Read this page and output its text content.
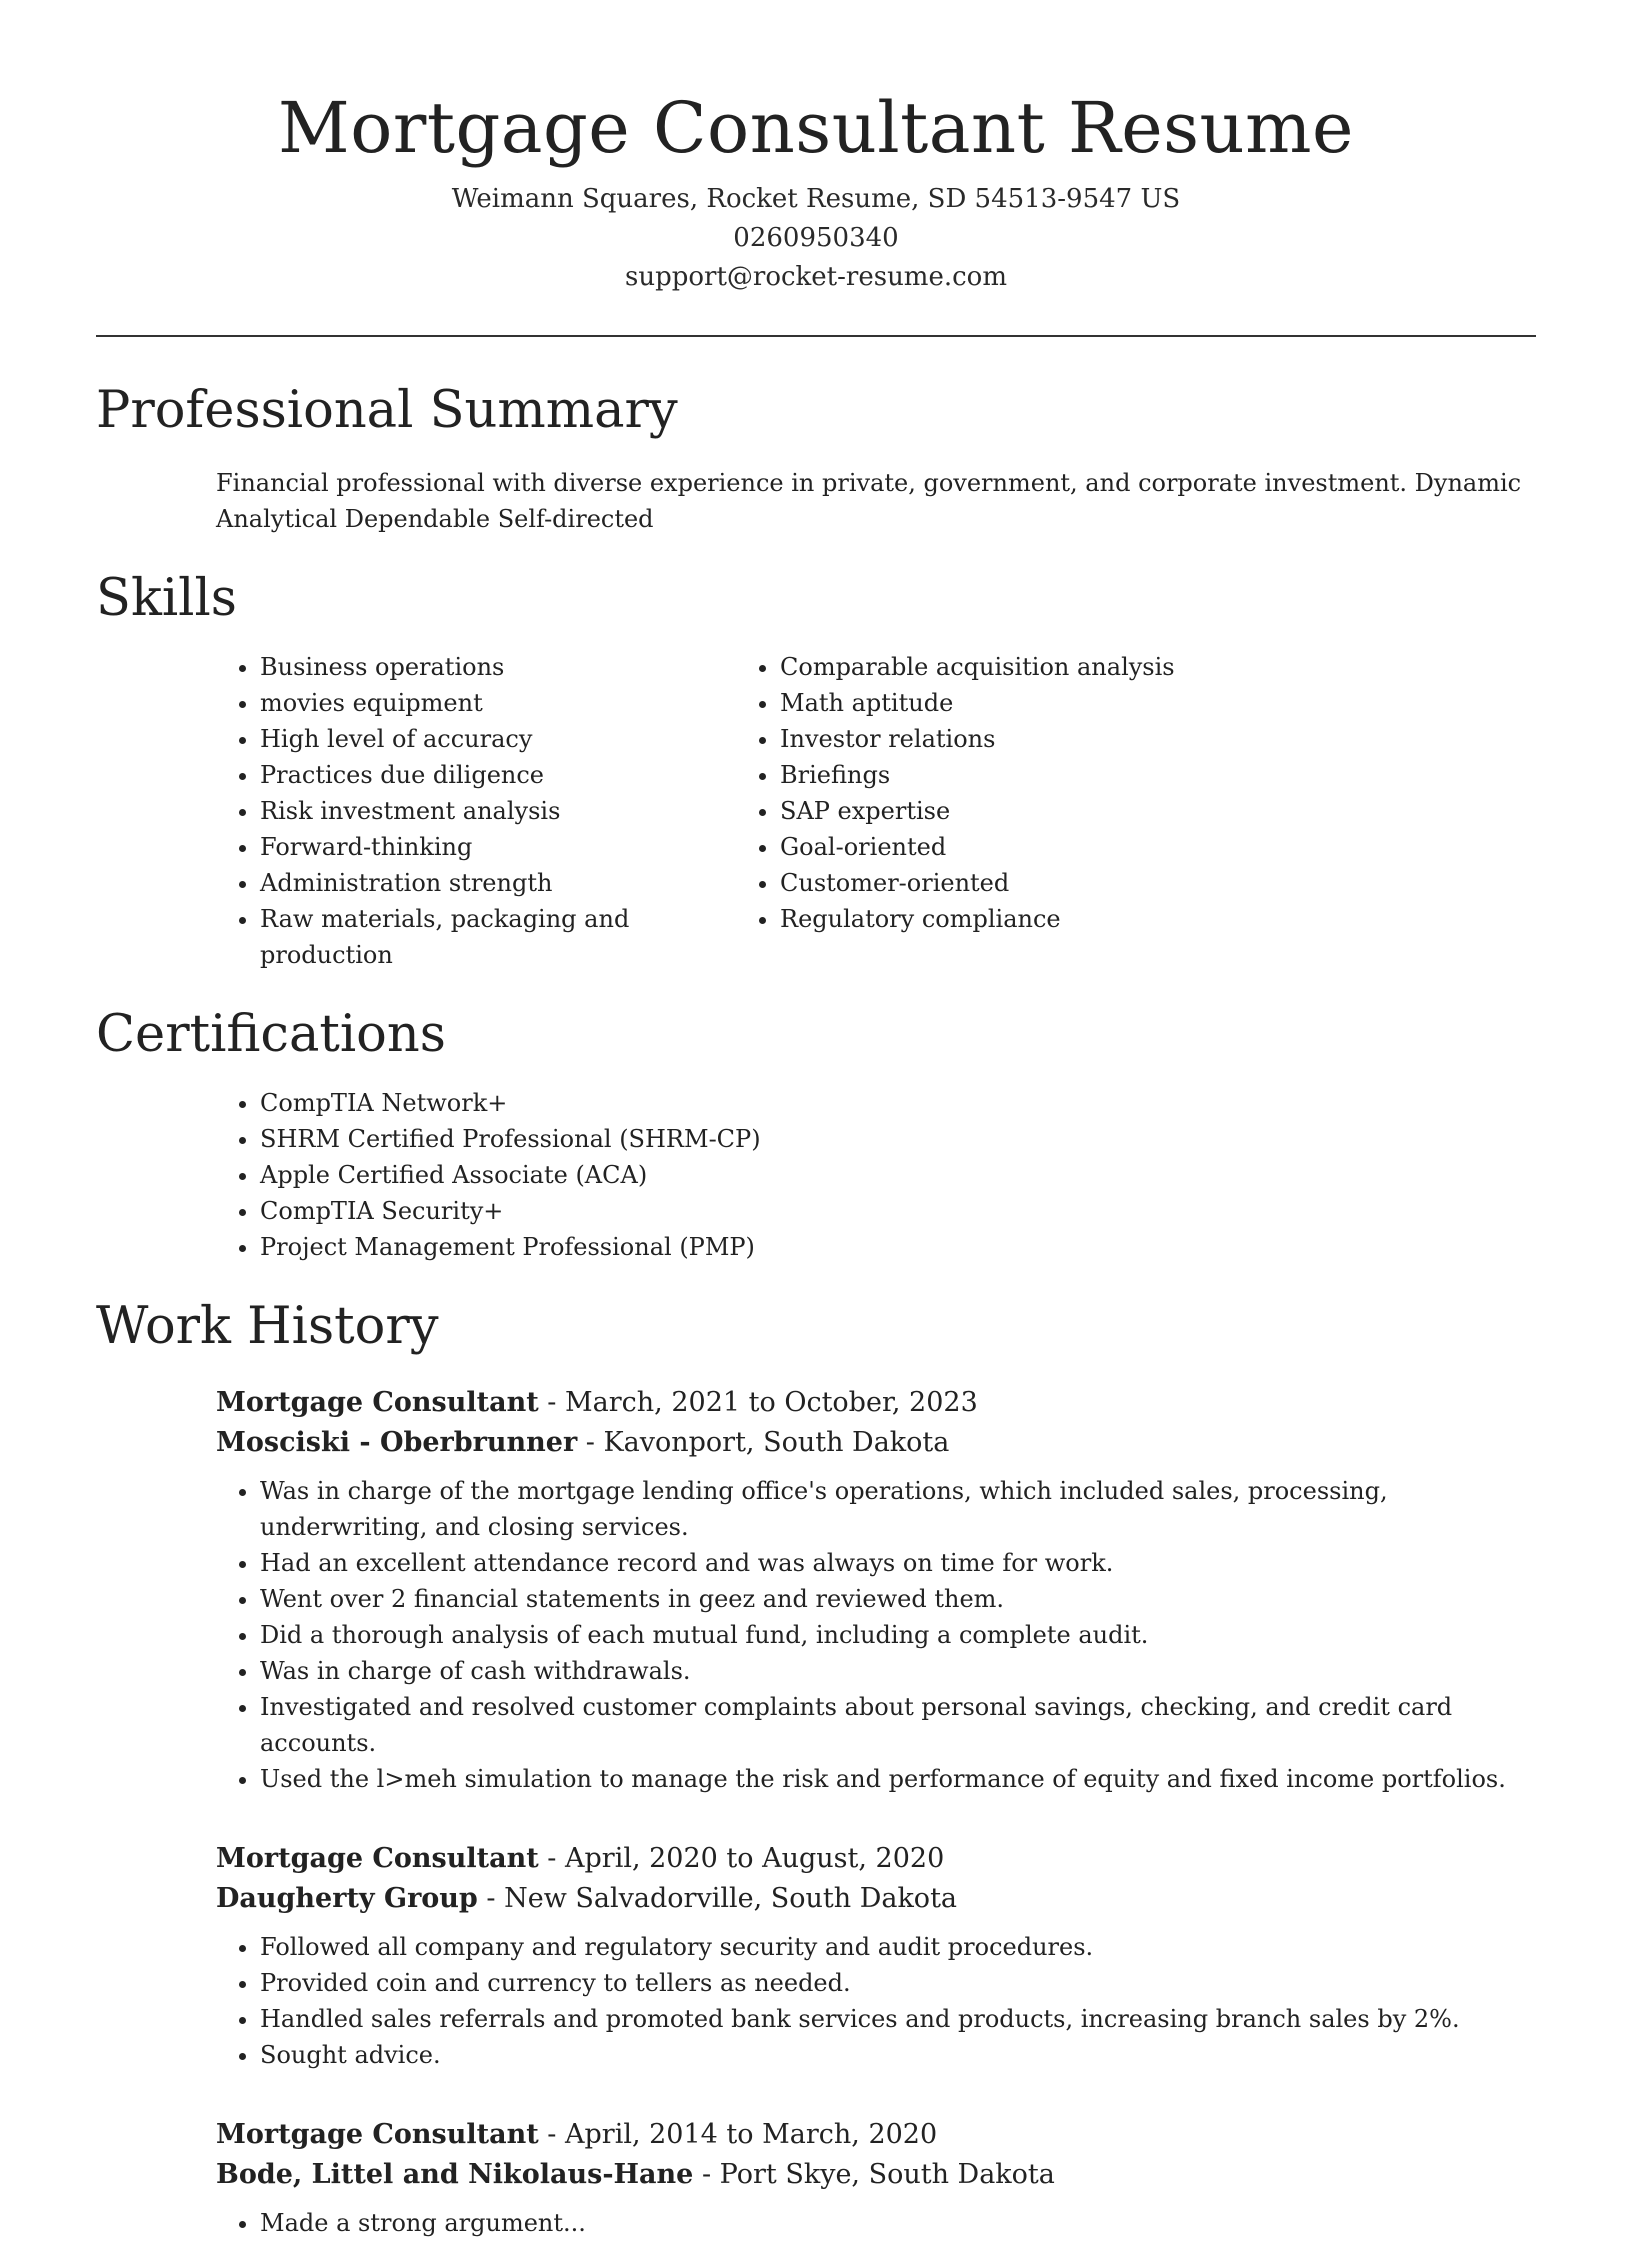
Mortgage Consultant Resume
Weimann Squares, Rocket Resume, SD 54513-9547 US
0260950340
support@rocket-resume.com
Professional Summary

Financial professional with diverse experience in private, government, and corporate investment. Dynamic Analytical Dependable Self-directed

Skills
• Business operations
• movies equipment
• High level of accuracy
• Practices due diligence
• Risk investment analysis
• Forward-thinking
• Administration strength
• Raw materials, packaging and production
• Comparable acquisition analysis
• Math aptitude
• Investor relations
• Briefings
• SAP expertise
• Goal-oriented
• Customer-oriented
• Regulatory compliance
Certifications
• CompTIA Network+
• SHRM Certified Professional (SHRM-CP)
• Apple Certified Associate (ACA)
• CompTIA Security+
• Project Management Professional (PMP)
Work History
Mortgage Consultant - March, 2021 to October, 2023
Mosciski - Oberbrunner - Kavonport, South Dakota
• Was in charge of the mortgage lending office's operations, which included sales, processing, underwriting, and closing services.
• Had an excellent attendance record and was always on time for work.
• Went over 2 financial statements in geez and reviewed them.
• Did a thorough analysis of each mutual fund, including a complete audit.
• Was in charge of cash withdrawals.
• Investigated and resolved customer complaints about personal savings, checking, and credit card accounts.
• Used the l>meh simulation to manage the risk and performance of equity and fixed income portfolios.
Mortgage Consultant - April, 2020 to August, 2020
Daugherty Group - New Salvadorville, South Dakota
• Followed all company and regulatory security and audit procedures.
• Provided coin and currency to tellers as needed.
• Handled sales referrals and promoted bank services and products, increasing branch sales by 2%.
• Sought advice.
Mortgage Consultant - April, 2014 to March, 2020
Bode, Littel and Nikolaus-Hane - Port Skye, South Dakota
• Made a strong argument...
